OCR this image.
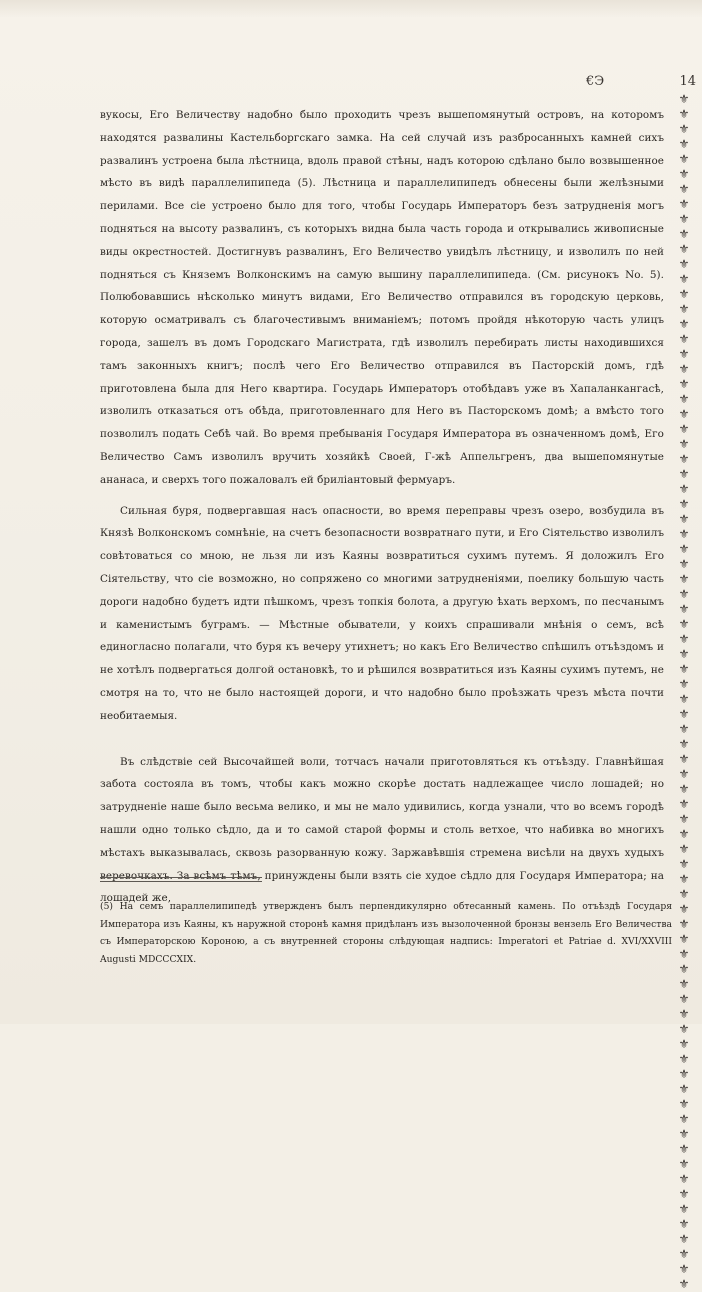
€Э	14
⚜
⚜
⚜
⚜
⚜
⚜
⚜
⚜
⚜
⚜
⚜
⚜
⚜
⚜
⚜
⚜
⚜
⚜
⚜
⚜
⚜
⚜
⚜
⚜
⚜
⚜
⚜
⚜
⚜
⚜
⚜
⚜
⚜
⚜
⚜
⚜
⚜
⚜
⚜
⚜
⚜
⚜
⚜
⚜
⚜
⚜
⚜
⚜
⚜
⚜
⚜
⚜
⚜
⚜
⚜
⚜
⚜
⚜
⚜
⚜
⚜
⚜
⚜
⚜
⚜
⚜
⚜
⚜
⚜
⚜
⚜
⚜
⚜
⚜
⚜
⚜
⚜
⚜
⚜
⚜

вукосы, Его Величеству надобно было проходить чрезъ вышепомянутый островъ, на которомъ находятся развалины Кастельборгскаго замка. На сей случай изъ разбросанныхъ камней сихъ развалинъ устроена была лѣстница, вдоль правой стѣны, надъ которою сдѣлано было возвышенное мѣсто въ видѣ параллелипипеда (5). Лѣстница и параллелипипедъ обнесены были желѣзными перилами. Все сіе устроено было для того, чтобы Государь Императоръ безъ затрудненія могъ подняться на высоту развалинъ, съ которыхъ видна была часть города и открывались живописные виды окрестностей. Достигнувъ развалинъ, Его Величество увидѣлъ лѣстницу, и изволилъ по ней подняться съ Княземъ Волконскимъ на самую вышину параллелипипеда. (См. рисунокъ No. 5). Полюбовавшись нѣсколько минутъ видами, Его Величество отправился въ городскую церковь, которую осматривалъ съ благочестивымъ вниманіемъ; потомъ пройдя нѣкоторую часть улицъ города, зашелъ въ домъ Городскаго Магистрата, гдѣ изволилъ перебирать листы находившихся тамъ законныхъ книгъ; послѣ чего Его Величество отправился въ Пасторскій домъ, гдѣ приготовлена была для Него квартира. Государь Императоръ отобѣдавъ уже въ Хапаланкангасѣ, изволилъ отказаться отъ обѣда, приготовленнаго для Него въ Пасторскомъ домѣ; а вмѣсто того позволилъ подать Себѣ чай. Во время пребыванія Государя Императора въ означенномъ домѣ, Его Величество Самъ изволилъ вручить хозяйкѣ Своей, Г-жѣ Аппельгренъ, два вышепомянутые ананаса, и сверхъ того пожаловалъ ей бриліантовый фермуаръ.

Сильная буря, подвергавшая насъ опасности, во время переправы чрезъ озеро, возбудила въ Князѣ Волконскомъ сомнѣніе, на счетъ безопасности возвратнаго пути, и Его Сіятельство изволилъ совѣтоваться со мною, не льзя ли изъ Каяны возвратиться сухимъ путемъ. Я доложилъ Его Сіятельству, что сіе возможно, но сопряжено со многими затрудненіями, поелику большую часть дороги надобно будетъ идти пѣшкомъ, чрезъ топкія болота, а другую ѣхать верхомъ, по песчанымъ и каменистымъ буграмъ. — Мѣстные обыватели, у коихъ спрашивали мнѣнія о семъ, всѣ единогласно полагали, что буря къ вечеру утихнетъ; но какъ Его Величество спѣшилъ отъѣздомъ и не хотѣлъ подвергаться долгой остановкѣ, то и рѣшился возвратиться изъ Каяны сухимъ путемъ, не смотря на то, что не было настоящей дороги, и что надобно было проѣзжать чрезъ мѣста почти необитаемыя.

Въ слѣдствіе сей Высочайшей воли, тотчасъ начали приготовляться къ отъѣзду. Главнѣйшая забота состояла въ томъ, чтобы какъ можно скорѣе достать надлежащее число лошадей; но затрудненіе наше было весьма велико, и мы не мало удивились, когда узнали, что во всемъ городѣ нашли одно только сѣдло, да и то самой старой формы и столь ветхое, что набивка во многихъ мѣстахъ выказывалась, сквозь разорванную кожу. Заржавѣвшія стремена висѣли на двухъ худыхъ веревочкахъ. За всѣмъ тѣмъ, принуждены были взять сіе худое сѣдло для Государя Императора; на лошадей же,

(5) На семъ параллелипипедѣ утвержденъ былъ перпендикулярно обтесанный камень. По отъѣздѣ Государя Императора изъ Каяны, къ наружной сторонѣ камня придѣланъ изъ вызолоченной бронзы вензель Его Величества съ Императорскою Короною, а съ внутренней стороны слѣдующая надпись: Imperatori et Patriae d. XVI/XXVIII Augusti MDCCCXIX.
